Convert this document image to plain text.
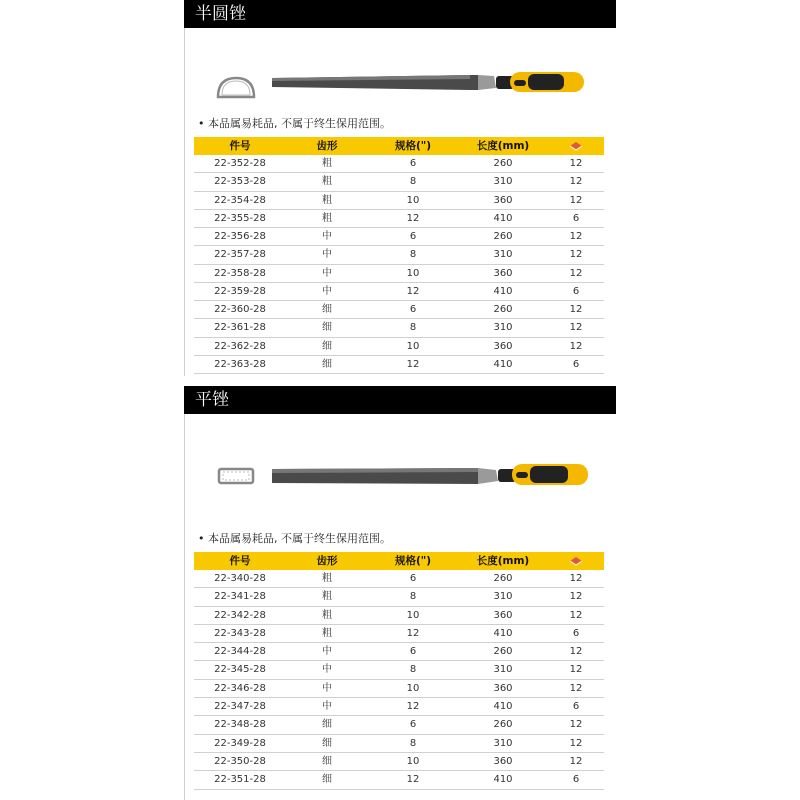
半圆锉
• 本品属易耗品, 不属于终生保用范围。
件号	齿形	规格(")	长度(mm)
22-352-28	粗	6	260	12
22-353-28	粗	8	310	12
22-354-28	粗	10	360	12
22-355-28	粗	12	410	6
22-356-28	中	6	260	12
22-357-28	中	8	310	12
22-358-28	中	10	360	12
22-359-28	中	12	410	6
22-360-28	细	6	260	12
22-361-28	细	8	310	12
22-362-28	细	10	360	12
22-363-28	细	12	410	6
平锉
• 本品属易耗品, 不属于终生保用范围。
件号	齿形	规格(")	长度(mm)
22-340-28	粗	6	260	12
22-341-28	粗	8	310	12
22-342-28	粗	10	360	12
22-343-28	粗	12	410	6
22-344-28	中	6	260	12
22-345-28	中	8	310	12
22-346-28	中	10	360	12
22-347-28	中	12	410	6
22-348-28	细	6	260	12
22-349-28	细	8	310	12
22-350-28	细	10	360	12
22-351-28	细	12	410	6
